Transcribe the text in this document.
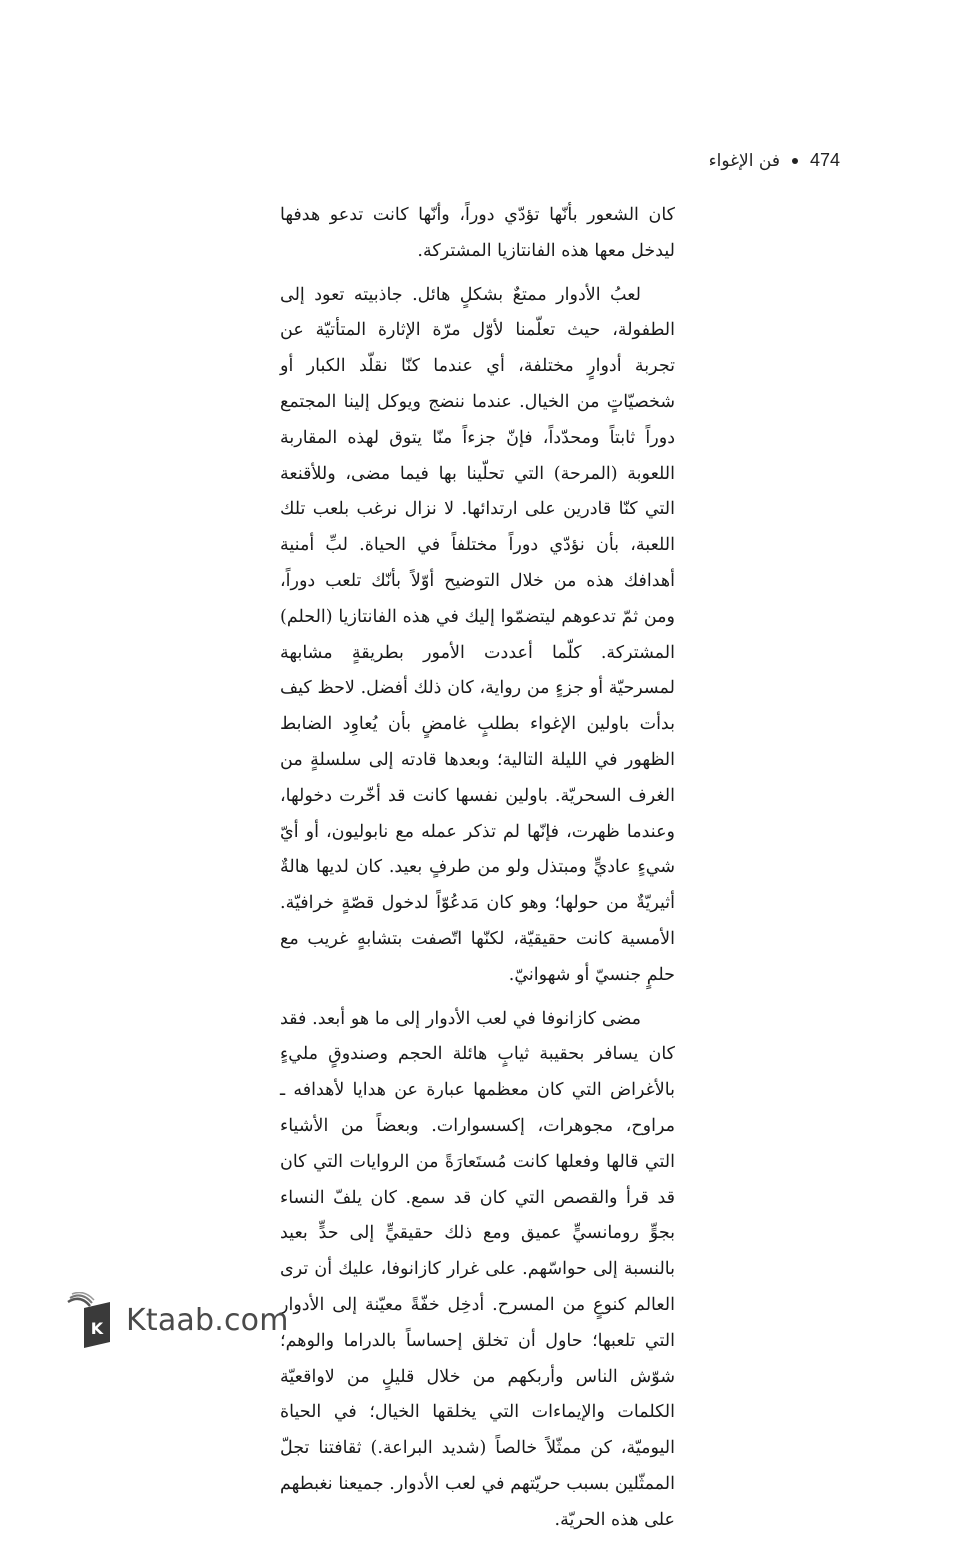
474
فن الإغواء

كان الشعور بأنّها تؤدّي دوراً، وأنّها كانت تدعو هدفها ليدخل معها هذه الفانتازيا المشتركة.

لعبُ الأدوار ممتعٌ بشكلٍ هائل. جاذبيته تعود إلى الطفولة، حيث تعلّمنا لأوّل مرّة الإثارة المتأتيّة عن تجربة أدوارٍ مختلفة، أي عندما كنّا نقلّد الكبار أو شخصيّاتٍ من الخيال. عندما ننضج ويوكل إلينا المجتمع دوراً ثابتاً ومحدّداً، فإنّ جزءاً منّا يتوق لهذه المقاربة اللعوبة (المرحة) التي تحلّينا بها فيما مضى، وللأقنعة التي كنّا قادرين على ارتدائها. لا نزال نرغب بلعب تلك اللعبة، بأن نؤدّي دوراً مختلفاً في الحياة. لبِّ أمنية أهدافك هذه من خلال التوضيح أوّلاً بأنّك تلعب دوراً، ومن ثمّ تدعوهم ليتضمّوا إليك في هذه الفانتازيا (الحلم) المشتركة. كلّما أعددت الأمور بطريقةٍ مشابهة لمسرحيّة أو جزءٍ من رواية، كان ذلك أفضل. لاحظ كيف بدأت باولين الإغواء بطلبٍ غامضٍ بأن يُعاوِد الضابط الظهور في الليلة التالية؛ وبعدها قادته إلى سلسلةٍ من الغرف السحريّة. باولين نفسها كانت قد أخّرت دخولها، وعندما ظهرت، فإنّها لم تذكر عمله مع نابوليون، أو أيّ شيءٍ عاديٍّ ومبتذل ولو من طرفٍ بعيد. كان لديها هالةٌ أثيريّةٌ من حولها؛ وهو كان مَدعُوّاً لدخول قصّةٍ خرافيّة. الأمسية كانت حقيقيّة، لكنّها اتّصفت بتشابهٍ غريب مع حلمٍ جنسيّ أو شهوانيّ.

مضى كازانوفا في لعب الأدوار إلى ما هو أبعد. فقد كان يسافر بحقيبة ثيابٍ هائلة الحجم وصندوقٍ مليءٍ بالأغراض التي كان معظمها عبارة عن هدايا لأهدافه ـ مراوح، مجوهرات، إكسسوارات. وبعضاً من الأشياء التي قالها وفعلها كانت مُستَعارَةً من الروايات التي كان قد قرأ والقصص التي كان قد سمع. كان يلفّ النساء بجوٍّ رومانسيٍّ عميق ومع ذلك حقيقيٍّ إلى حدٍّ بعيد بالنسبة إلى حواسّهم. على غرار كازانوفا، عليك أن ترى العالم كنوعٍ من المسرح. أدخِل خفّةً معيّنة إلى الأدوار التي تلعبها؛ حاول أن تخلق إحساساً بالدراما والوهم؛ شوّش الناس وأربكهم من خلال قليلٍ من لاواقعيّة الكلمات والإيماءات التي يخلقها الخيال؛ في الحياة اليوميّة، كن ممثّلاً خالصاً (شديد البراعة.) ثقافتنا تجلّ الممثّلين بسبب حريّتهم في لعب الأدوار. جميعنا نغبطهم على هذه الحريّة.

K Ktaab.com
